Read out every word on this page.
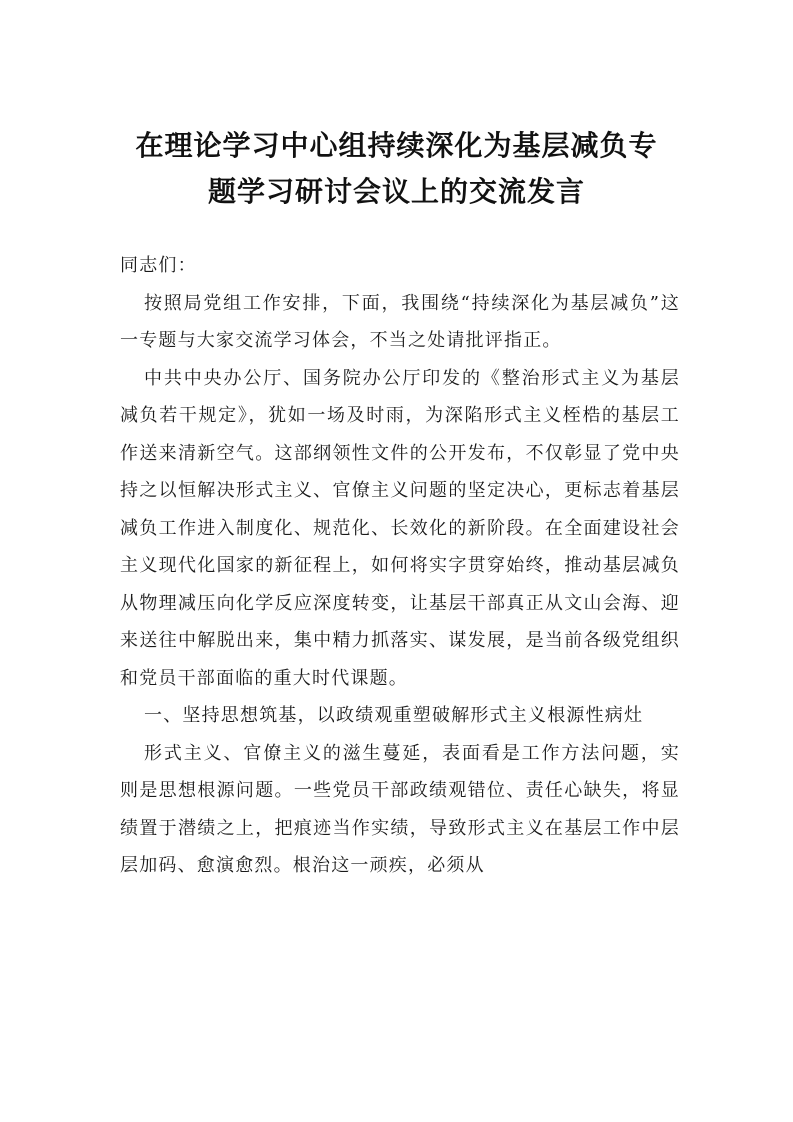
在理论学习中心组持续深化为基层减负专
题学习研讨会议上的交流发言

同志们：

按照局党组工作安排，下面，我围绕“持续深化为基层减负”这一专题与大家交流学习体会，不当之处请批评指正。

中共中央办公厅、国务院办公厅印发的《整治形式主义为基层减负若干规定》，犹如一场及时雨，为深陷形式主义桎梏的基层工作送来清新空气。这部纲领性文件的公开发布，不仅彰显了党中央持之以恒解决形式主义、官僚主义问题的坚定决心，更标志着基层减负工作进入制度化、规范化、长效化的新阶段。在全面建设社会主义现代化国家的新征程上，如何将实字贯穿始终，推动基层减负从物理减压向化学反应深度转变，让基层干部真正从文山会海、迎来送往中解脱出来，集中精力抓落实、谋发展，是当前各级党组织和党员干部面临的重大时代课题。

一、坚持思想筑基，以政绩观重塑破解形式主义根源性病灶

形式主义、官僚主义的滋生蔓延，表面看是工作方法问题，实则是思想根源问题。一些党员干部政绩观错位、责任心缺失，将显绩置于潜绩之上，把痕迹当作实绩，导致形式主义在基层工作中层层加码、愈演愈烈。根治这一顽疾，必须从
